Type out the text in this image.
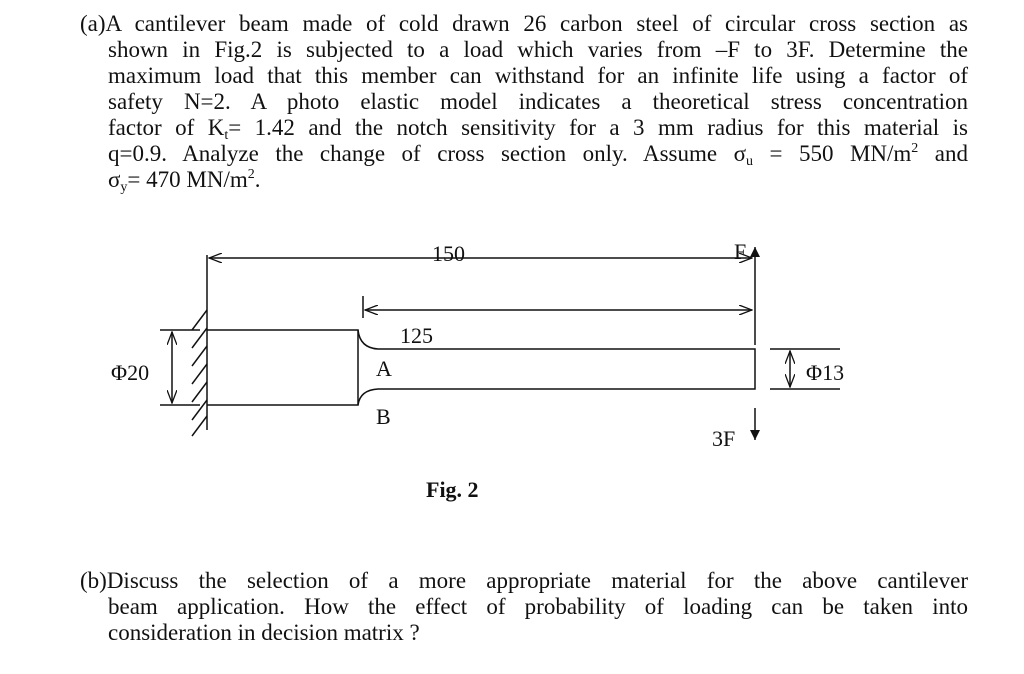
(a)A cantilever beam made of cold drawn 26 carbon steel of circular cross section as
shown in Fig.2 is subjected to a load which varies from –F to 3F. Determine the
maximum load that this member can withstand for an infinite life using a factor of
safety N=2. A photo elastic model indicates a theoretical stress concentration
factor of $K_t= 1.42$ and the notch sensitivity for a 3 mm radius for this material is
q=0.9. Analyze the change of cross section only. Assume $\sigma_u = 550$ $MN/m^2$ and
$\sigma_y= 470$ $MN/m^2$.
150
125
Φ20	Φ13
A
B
F
3F
Fig. 2
(b)Discuss the selection of a more appropriate material for the above cantilever
beam application. How the effect of probability of loading can be taken into
consideration in decision matrix ?
